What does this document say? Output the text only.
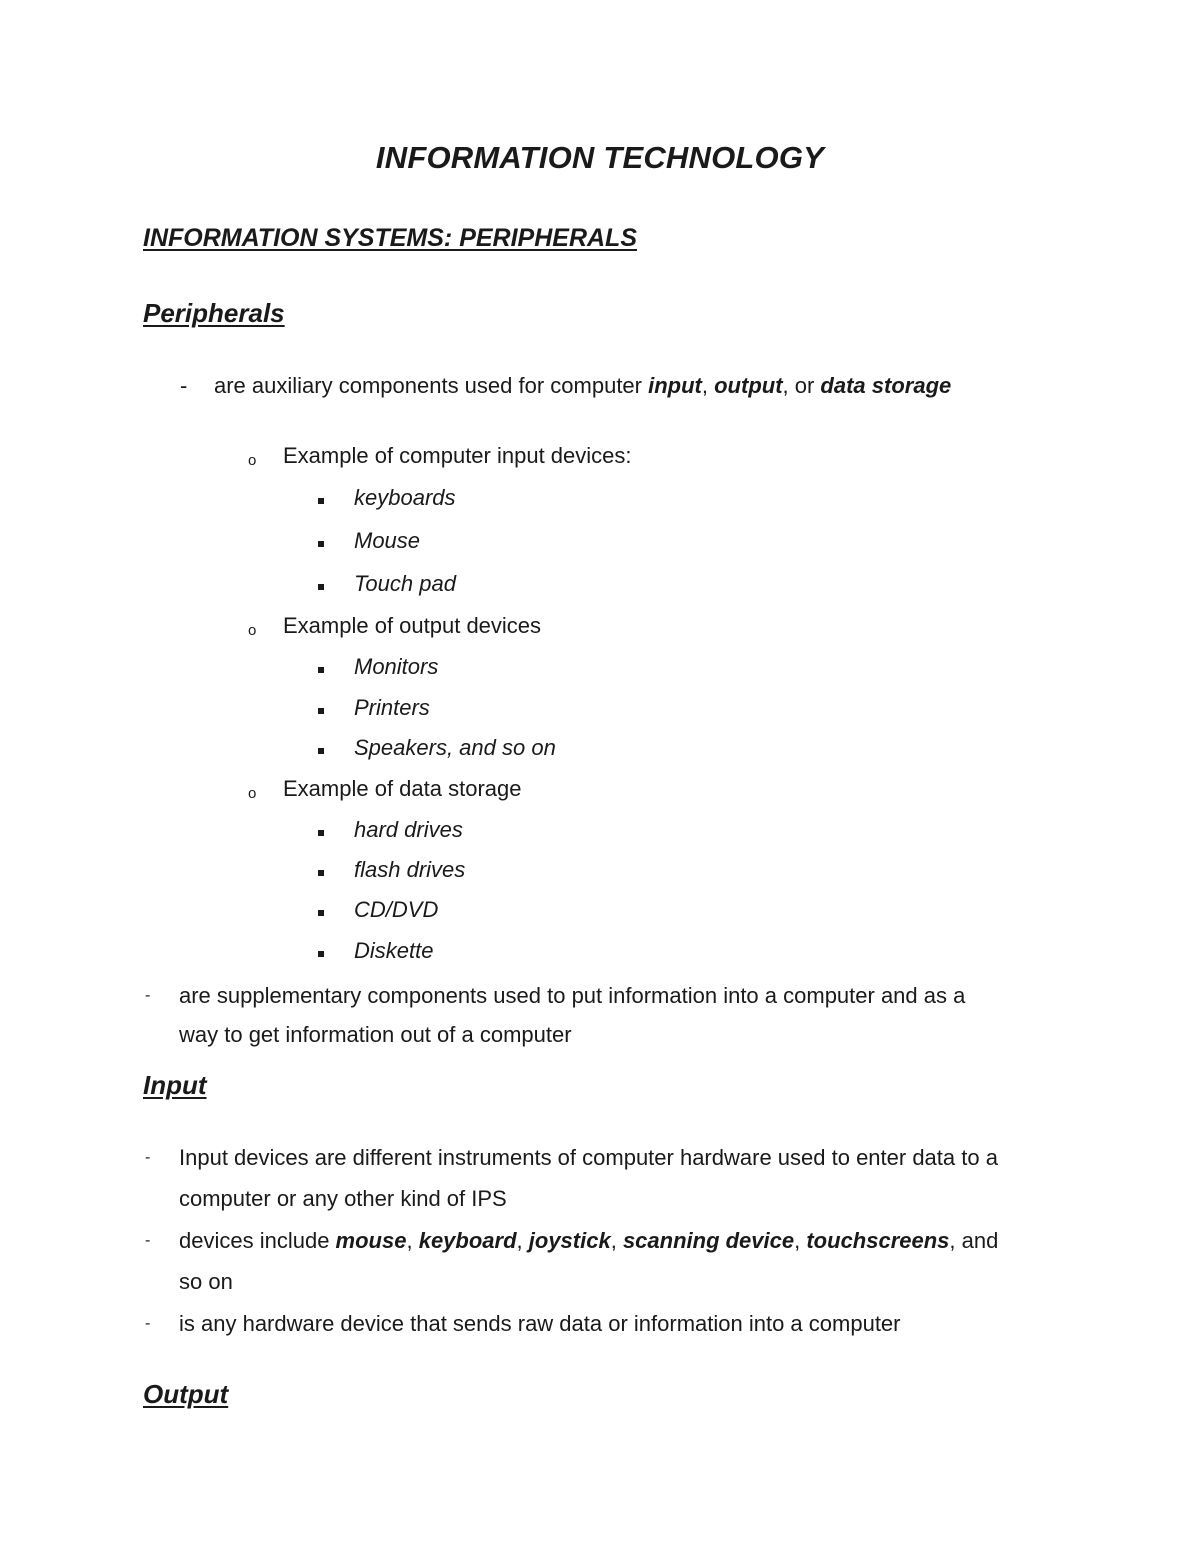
INFORMATION TECHNOLOGY
INFORMATION SYSTEMS: PERIPHERALS
Peripherals
- are auxiliary components used for computer input, output, or data storage
o Example of computer input devices:
keyboards
Mouse
Touch pad
o Example of output devices
Monitors
Printers
Speakers, and so on
o Example of data storage
hard drives
flash drives
CD/DVD
Diskette
- are supplementary components used to put information into a computer and as a
way to get information out of a computer
Input
- Input devices are different instruments of computer hardware used to enter data to a
computer or any other kind of IPS
- devices include mouse, keyboard, joystick, scanning device, touchscreens, and
so on
- is any hardware device that sends raw data or information into a computer
Output
